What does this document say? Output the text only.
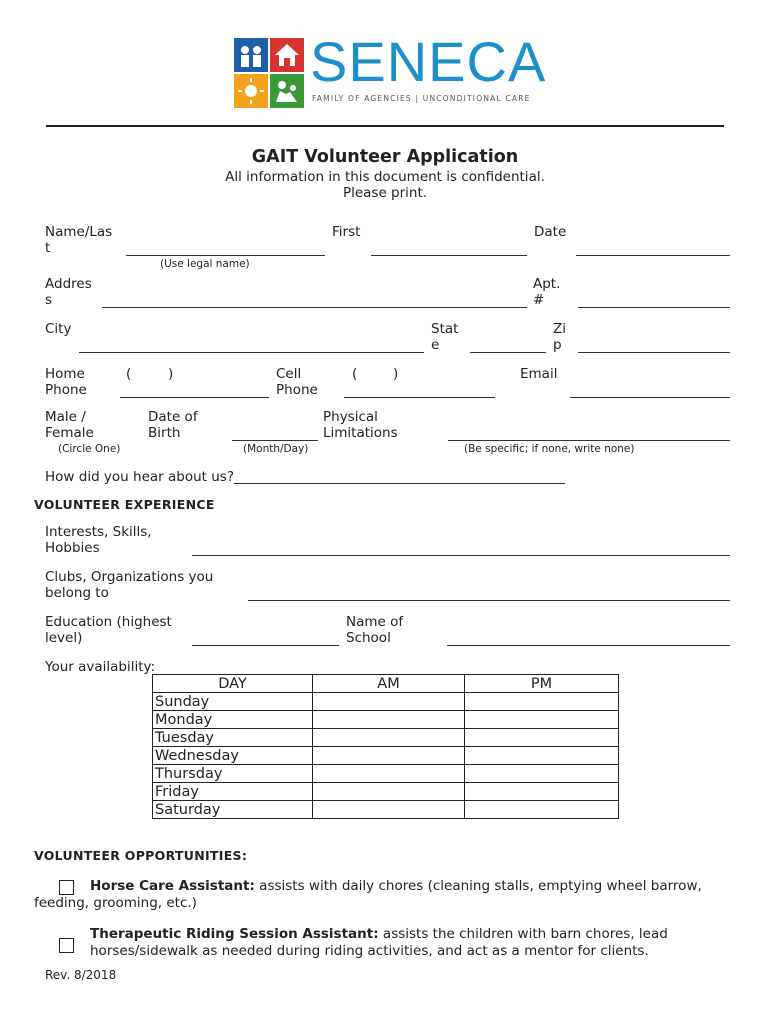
SENECA
FAMILY OF AGENCIES | UNCONDITIONAL CARE
GAIT Volunteer Application
All information in this document is confidential.
Please print.
Name/Las
t
(Use legal name)
First	Date
Addres
s
Apt.
#
City	Stat
e
Zi
p
Home
Phone
(	)	Cell
Phone
(	)	Email
Male /
Female
(Circle One)
Date of
Birth
(Month/Day)
Physical
Limitations
(Be specific; if none, write none)
How did you hear about us?_________________________________________________
VOLUNTEER EXPERIENCE
Interests, Skills,
Hobbies
Clubs, Organizations you
belong to
Education (highest
level)
Name of
School
Your availability:
DAY	AM	PM
Sunday		
Monday		
Tuesday		
Wednesday		
Thursday		
Friday		
Saturday		
VOLUNTEER OPPORTUNITIES:
Horse Care Assistant: assists with daily chores (cleaning stalls, emptying wheel barrow,
feeding, grooming, etc.)
Therapeutic Riding Session Assistant: assists the children with barn chores, lead
horses/sidewalk as needed during riding activities, and act as a mentor for clients.
Rev. 8/2018
